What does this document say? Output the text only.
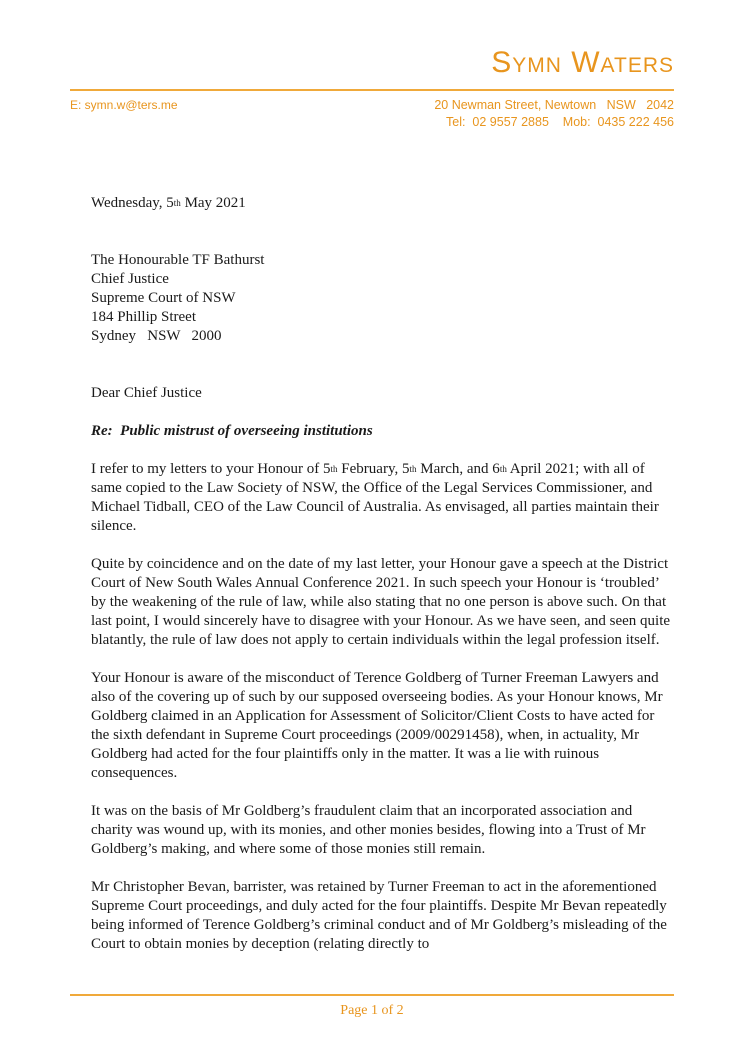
Symn Waters
E: symn.w@ters.me	20 Newman Street, Newtown   NSW   2042
Tel:  02 9557 2885    Mob:  0435 222 456

Wednesday, 5th May 2021

The Honourable TF Bathurst
Chief Justice
Supreme Court of NSW
184 Phillip Street
Sydney   NSW   2000

Dear Chief Justice

Re:  Public mistrust of overseeing institutions

I refer to my letters to your Honour of 5th February, 5th March, and 6th April 2021; with all of same copied to the Law Society of NSW, the Office of the Legal Services Commissioner, and Michael Tidball, CEO of the Law Council of Australia. As envisaged, all parties maintain their silence.

Quite by coincidence and on the date of my last letter, your Honour gave a speech at the District Court of New South Wales Annual Conference 2021. In such speech your Honour is ‘troubled’ by the weakening of the rule of law, while also stating that no one person is above such. On that last point, I would sincerely have to disagree with your Honour. As we have seen, and seen quite blatantly, the rule of law does not apply to certain individuals within the legal profession itself.

Your Honour is aware of the misconduct of Terence Goldberg of Turner Freeman Lawyers and also of the covering up of such by our supposed overseeing bodies. As your Honour knows, Mr Goldberg claimed in an Application for Assessment of Solicitor/Client Costs to have acted for the sixth defendant in Supreme Court proceedings (2009/00291458), when, in actuality, Mr Goldberg had acted for the four plaintiffs only in the matter. It was a lie with ruinous consequences.

It was on the basis of Mr Goldberg’s fraudulent claim that an incorporated association and charity was wound up, with its monies, and other monies besides, flowing into a Trust of Mr Goldberg’s making, and where some of those monies still remain.

Mr Christopher Bevan, barrister, was retained by Turner Freeman to act in the aforementioned Supreme Court proceedings, and duly acted for the four plaintiffs. Despite Mr Bevan repeatedly being informed of Terence Goldberg’s criminal conduct and of Mr Goldberg’s misleading of the Court to obtain monies by deception (relating directly to

Page 1 of 2
